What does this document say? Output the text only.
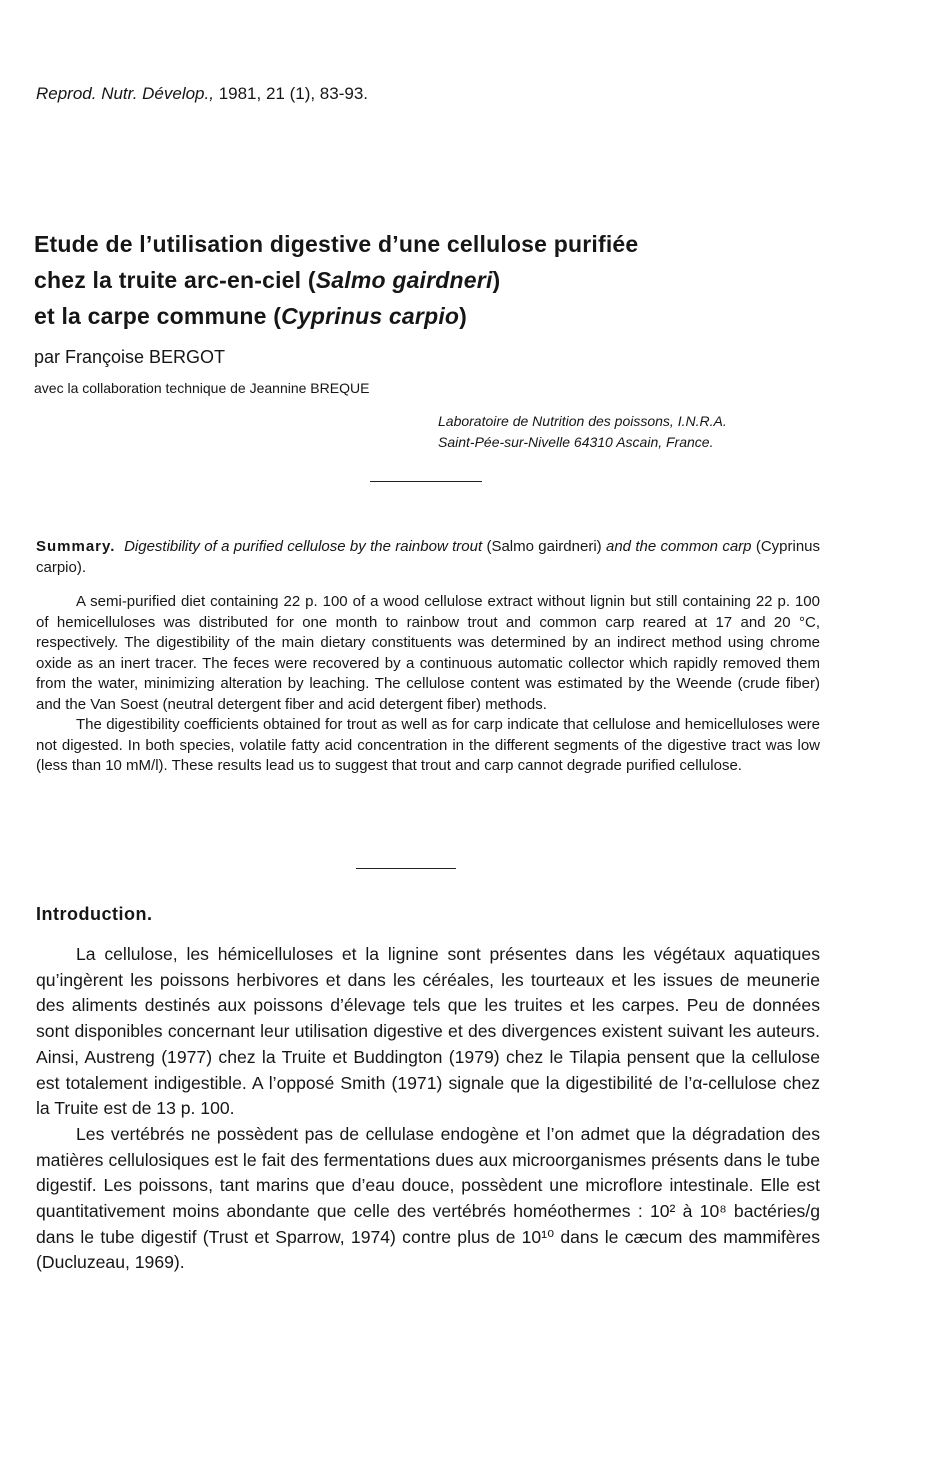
Reprod. Nutr. Dévelop., 1981, 21 (1), 83-93.
Etude de l’utilisation digestive d’une cellulose purifiée
chez la truite arc-en-ciel (Salmo gairdneri)
et la carpe commune (Cyprinus carpio)
par Françoise BERGOT
avec la collaboration technique de Jeannine BREQUE
Laboratoire de Nutrition des poissons, I.N.R.A.
Saint-Pée-sur-Nivelle 64310 Ascain, France.

Summary. Digestibility of a purified cellulose by the rainbow trout (Salmo gairdneri) and the common carp (Cyprinus carpio).

A semi-purified diet containing 22 p. 100 of a wood cellulose extract without lignin but still containing 22 p. 100 of hemicelluloses was distributed for one month to rainbow trout and common carp reared at 17 and 20 °C, respectively. The digestibility of the main dietary constituents was determined by an indirect method using chrome oxide as an inert tracer. The feces were recovered by a continuous automatic collector which rapidly removed them from the water, minimizing alteration by leaching. The cellulose content was estimated by the Weende (crude fiber) and the Van Soest (neutral detergent fiber and acid detergent fiber) methods.

The digestibility coefficients obtained for trout as well as for carp indicate that cellulose and hemicelluloses were not digested. In both species, volatile fatty acid concentration in the different segments of the digestive tract was low (less than 10 mM/l). These results lead us to suggest that trout and carp cannot degrade purified cellulose.

Introduction.

La cellulose, les hémicelluloses et la lignine sont présentes dans les végétaux aquatiques qu’ingèrent les poissons herbivores et dans les céréales, les tourteaux et les issues de meunerie des aliments destinés aux poissons d’élevage tels que les truites et les carpes. Peu de données sont disponibles concernant leur utilisation digestive et des divergences existent suivant les auteurs. Ainsi, Austreng (1977) chez la Truite et Buddington (1979) chez le Tilapia pensent que la cellulose est totalement indigestible. A l’opposé Smith (1971) signale que la digestibilité de l’α-cellulose chez la Truite est de 13 p. 100.

Les vertébrés ne possèdent pas de cellulase endogène et l’on admet que la dégradation des matières cellulosiques est le fait des fermentations dues aux microorganismes présents dans le tube digestif. Les poissons, tant marins que d’eau douce, possèdent une microflore intestinale. Elle est quantitativement moins abondante que celle des vertébrés homéothermes : 10² à 10⁸ bactéries/g dans le tube digestif (Trust et Sparrow, 1974) contre plus de 10¹⁰ dans le cæcum des mammifères (Ducluzeau, 1969).
